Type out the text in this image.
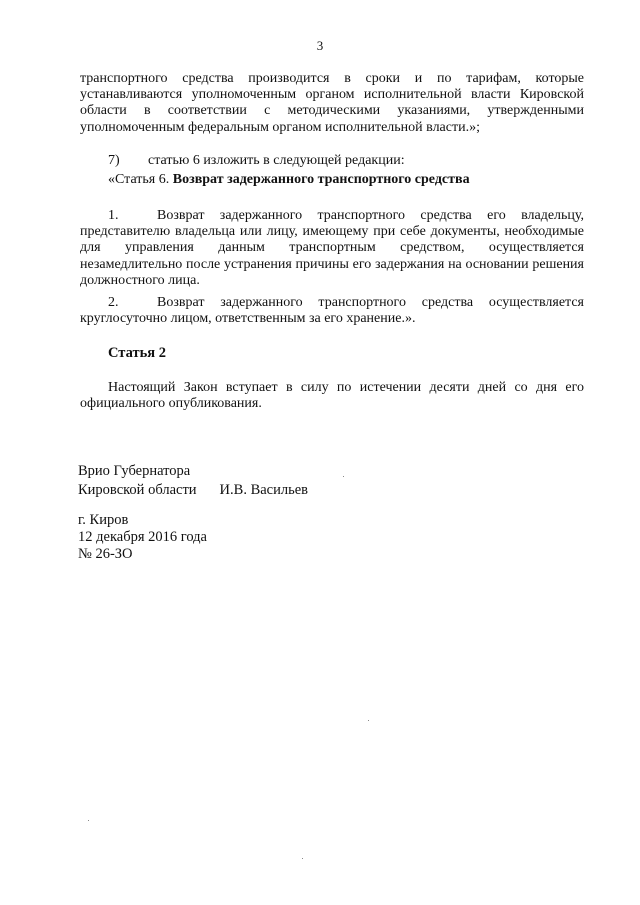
3
транспортного средства производится в сроки и по тарифам, которые устанавливаются уполномоченным органом исполнительной власти Кировской области в соответствии с методическими указаниями, утвержденными уполномоченным федеральным органом исполнительной власти.»;
7) статью 6 изложить в следующей редакции:
«Статья 6. Возврат задержанного транспортного средства
1.	Возврат задержанного транспортного средства его владельцу, представителю владельца или лицу, имеющему при себе документы, необходимые для управления данным транспортным средством, осуществляется незамедлительно после устранения причины его задержания на основании решения должностного лица.
2.	Возврат задержанного транспортного средства осуществляется круглосуточно лицом, ответственным за его хранение.».
Статья 2
Настоящий Закон вступает в силу по истечении десяти дней со дня его официального опубликования.
Врио Губернатора
Кировской области И.В. Васильев
г. Киров
12 декабря 2016 года
№ 26-ЗО
